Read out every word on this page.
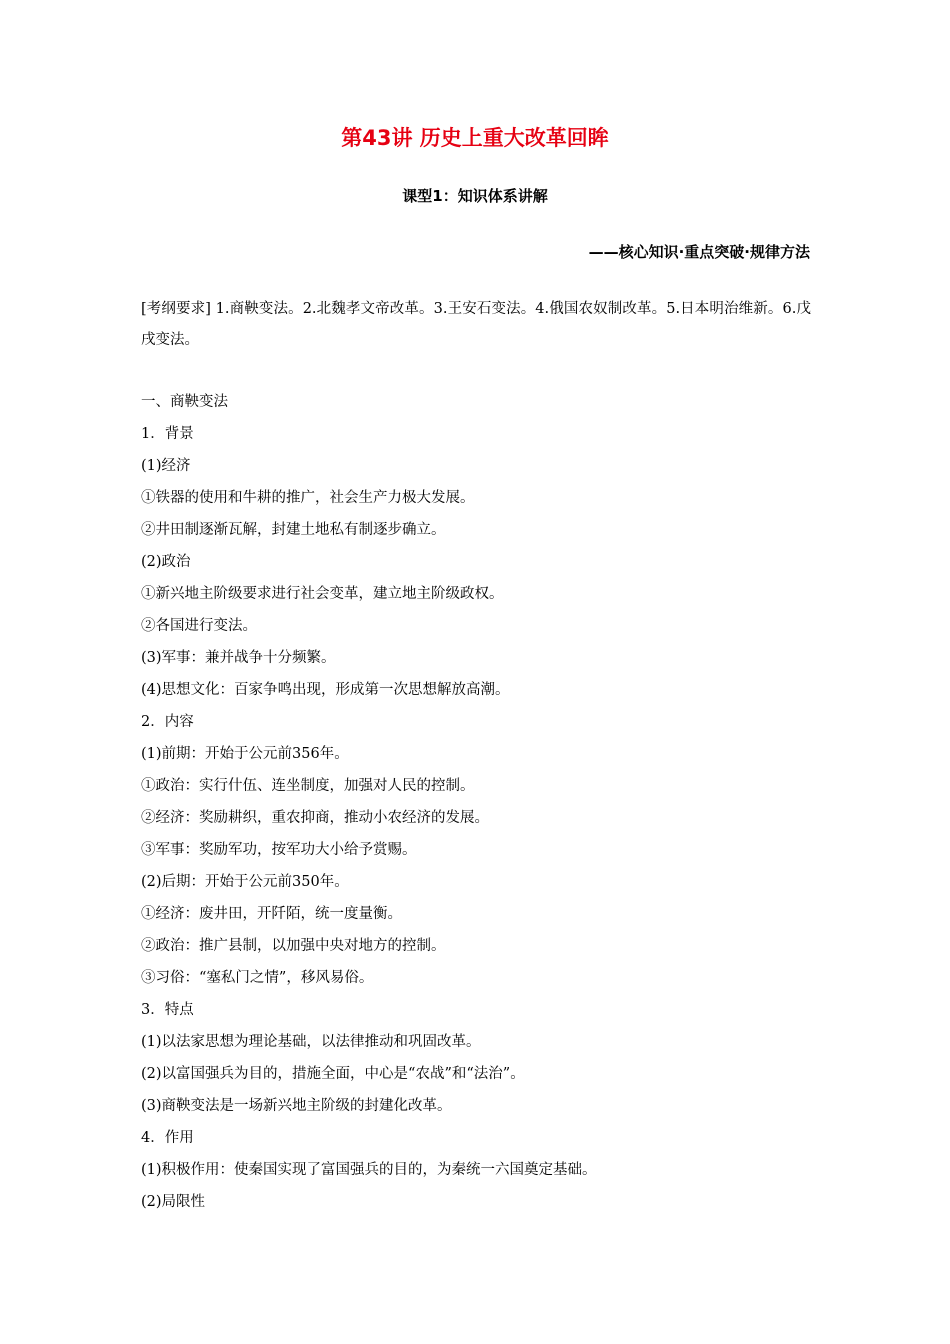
第43讲 历史上重大改革回眸
课型1：知识体系讲解
——核心知识·重点突破·规律方法
[考纲要求] 1.商鞅变法。2.北魏孝文帝改革。3.王安石变法。4.俄国农奴制改革。5.日本明治维新。6.戊戌变法。
一、商鞅变法
1．背景
(1)经济
①铁器的使用和牛耕的推广，社会生产力极大发展。
②井田制逐渐瓦解，封建土地私有制逐步确立。
(2)政治
①新兴地主阶级要求进行社会变革，建立地主阶级政权。
②各国进行变法。
(3)军事：兼并战争十分频繁。
(4)思想文化：百家争鸣出现，形成第一次思想解放高潮。
2．内容
(1)前期：开始于公元前356年。
①政治：实行什伍、连坐制度，加强对人民的控制。
②经济：奖励耕织，重农抑商，推动小农经济的发展。
③军事：奖励军功，按军功大小给予赏赐。
(2)后期：开始于公元前350年。
①经济：废井田，开阡陌，统一度量衡。
②政治：推广县制，以加强中央对地方的控制。
③习俗：“塞私门之情”，移风易俗。
3．特点
(1)以法家思想为理论基础，以法律推动和巩固改革。
(2)以富国强兵为目的，措施全面，中心是“农战”和“法治”。
(3)商鞅变法是一场新兴地主阶级的封建化改革。
4．作用
(1)积极作用：使秦国实现了富国强兵的目的，为秦统一六国奠定基础。
(2)局限性
